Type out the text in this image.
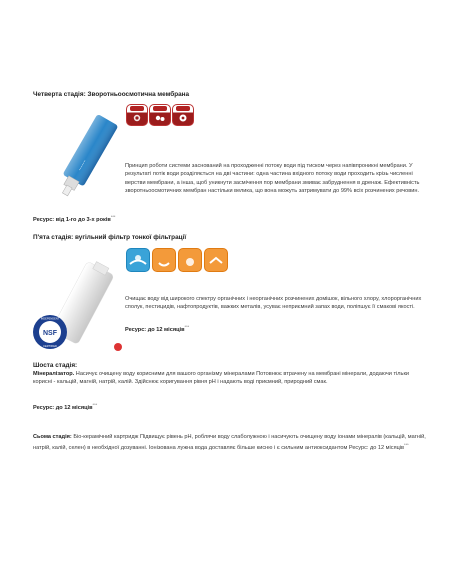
Четверта стадія: Зворотньоосмотична мембрана
~~~~	Принцип роботи системи заснований на проходженні потоку води під тиском через напівпроникні мембрани. У результаті потік води розділяється на дві частини: одна частина вхідного потоку води проходить крізь численні верстви мембрани, а інша, щоб уникнути засмічення пор мембрани змиває забруднення в дренаж. Ефективність зворотньоосмотичних мембран настільки велика, що вона можуть затримувати до 99% всіх розчинених речовин.
Ресурс: від 1-го до 3-х років***
П'ята стадія: вугільний фільтр тонкої фільтрації
Очищає воду від широкого спектру органічних і неорганічних розчинених домішок, вільного хлору, хлорорганічних сполук, пестицидів, нафтопродуктів, важких металів, усуває неприємний запах води, поліпшує її смакові якості.
NSF
INDEPENDENT
CERTIFIED
Ресурс: до 12 місяців***
Шоста стадія:
Мінералізатор. Насичує очищену воду корисними для вашого організму мінералами Потовнює втрачену на мембрані мінерали, додаючи тільки корисні - кальцій, магній, натрій, калій. Здійснює коригування рівня pH і надають воді приємний, природний смак.
Ресурс: до 12 місяців***
Сьома стадія: Біо-керамічний картридж Підвищує рівень pH, роблячи воду слаболужною і насичують очищену воду іонами мінералів (кальцій, магній, натрій, калій, селен) в необхідної дозуванні. Іонізована лужна вода доставляє більше кисню і є сильним антиоксидантом Ресурс: до 12 місяців***
